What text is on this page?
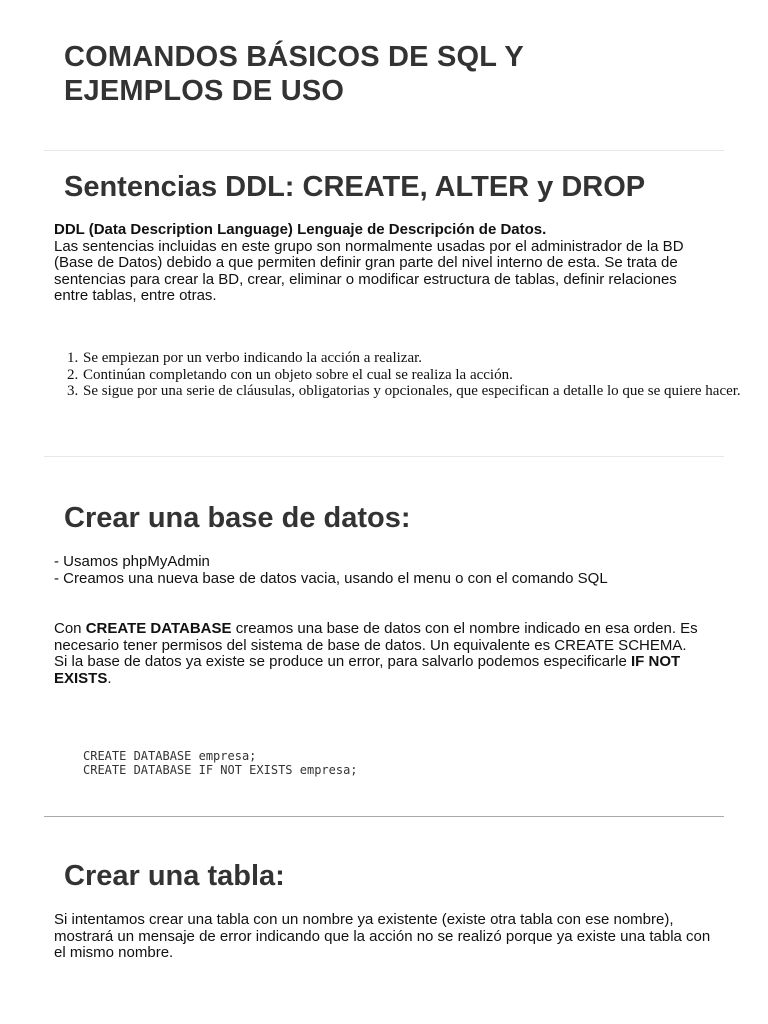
COMANDOS BÁSICOS DE SQL Y EJEMPLOS DE USO
Sentencias DDL: CREATE, ALTER y DROP
DDL (Data Description Language) Lenguaje de Descripción de Datos.
Las sentencias incluidas en este grupo son normalmente usadas por el administrador de la BD (Base de Datos) debido a que permiten definir gran parte del nivel interno de esta. Se trata de sentencias para crear la BD, crear, eliminar o modificar estructura de tablas, definir relaciones entre tablas, entre otras.
1. Se empiezan por un verbo indicando la acción a realizar.
2. Continúan completando con un objeto sobre el cual se realiza la acción.
3. Se sigue por una serie de cláusulas, obligatorias y opcionales, que especifican a detalle lo que se quiere hacer.
Crear una base de datos:
- Usamos phpMyAdmin
- Creamos una nueva base de datos vacia, usando el menu o con el comando SQL
Con CREATE DATABASE creamos una base de datos con el nombre indicado en esa orden. Es necesario tener permisos del sistema de base de datos. Un equivalente es CREATE SCHEMA.
Si la base de datos ya existe se produce un error, para salvarlo podemos especificarle IF NOT EXISTS.
CREATE DATABASE empresa;
CREATE DATABASE IF NOT EXISTS empresa;
Crear una tabla:
Si intentamos crear una tabla con un nombre ya existente (existe otra tabla con ese nombre), mostrará un mensaje de error indicando que la acción no se realizó porque ya existe una tabla con el mismo nombre.
